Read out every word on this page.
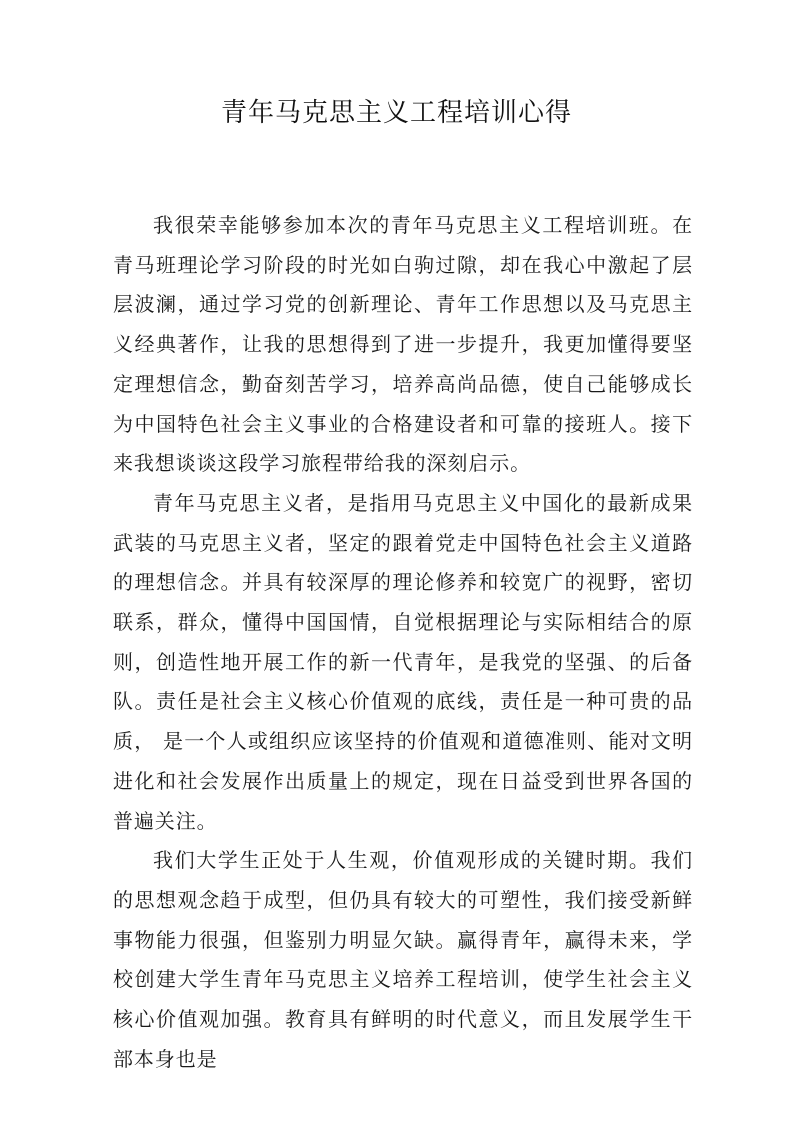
青年马克思主义工程培训心得

我很荣幸能够参加本次的青年马克思主义工程培训班。在青马班理论学习阶段的时光如白驹过隙，却在我心中激起了层层波澜，通过学习党的创新理论、青年工作思想以及马克思主义经典著作，让我的思想得到了进一步提升，我更加懂得要坚定理想信念，勤奋刻苦学习，培养高尚品德，使自己能够成长为中国特色社会主义事业的合格建设者和可靠的接班人。接下来我想谈谈这段学习旅程带给我的深刻启示。

青年马克思主义者，是指用马克思主义中国化的最新成果武装的马克思主义者，坚定的跟着党走中国特色社会主义道路的理想信念。并具有较深厚的理论修养和较宽广的视野，密切联系，群众，懂得中国国情，自觉根据理论与实际相结合的原则，创造性地开展工作的新一代青年，是我党的坚强、的后备队。责任是社会主义核心价值观的底线，责任是一种可贵的品质， 是一个人或组织应该坚持的价值观和道德准则、能对文明进化和社会发展作出质量上的规定，现在日益受到世界各国的普遍关注。

我们大学生正处于人生观，价值观形成的关键时期。我们的思想观念趋于成型，但仍具有较大的可塑性，我们接受新鲜事物能力很强，但鉴别力明显欠缺。赢得青年，赢得未来，学校创建大学生青年马克思主义培养工程培训，使学生社会主义核心价值观加强。教育具有鲜明的时代意义，而且发展学生干部本身也是
